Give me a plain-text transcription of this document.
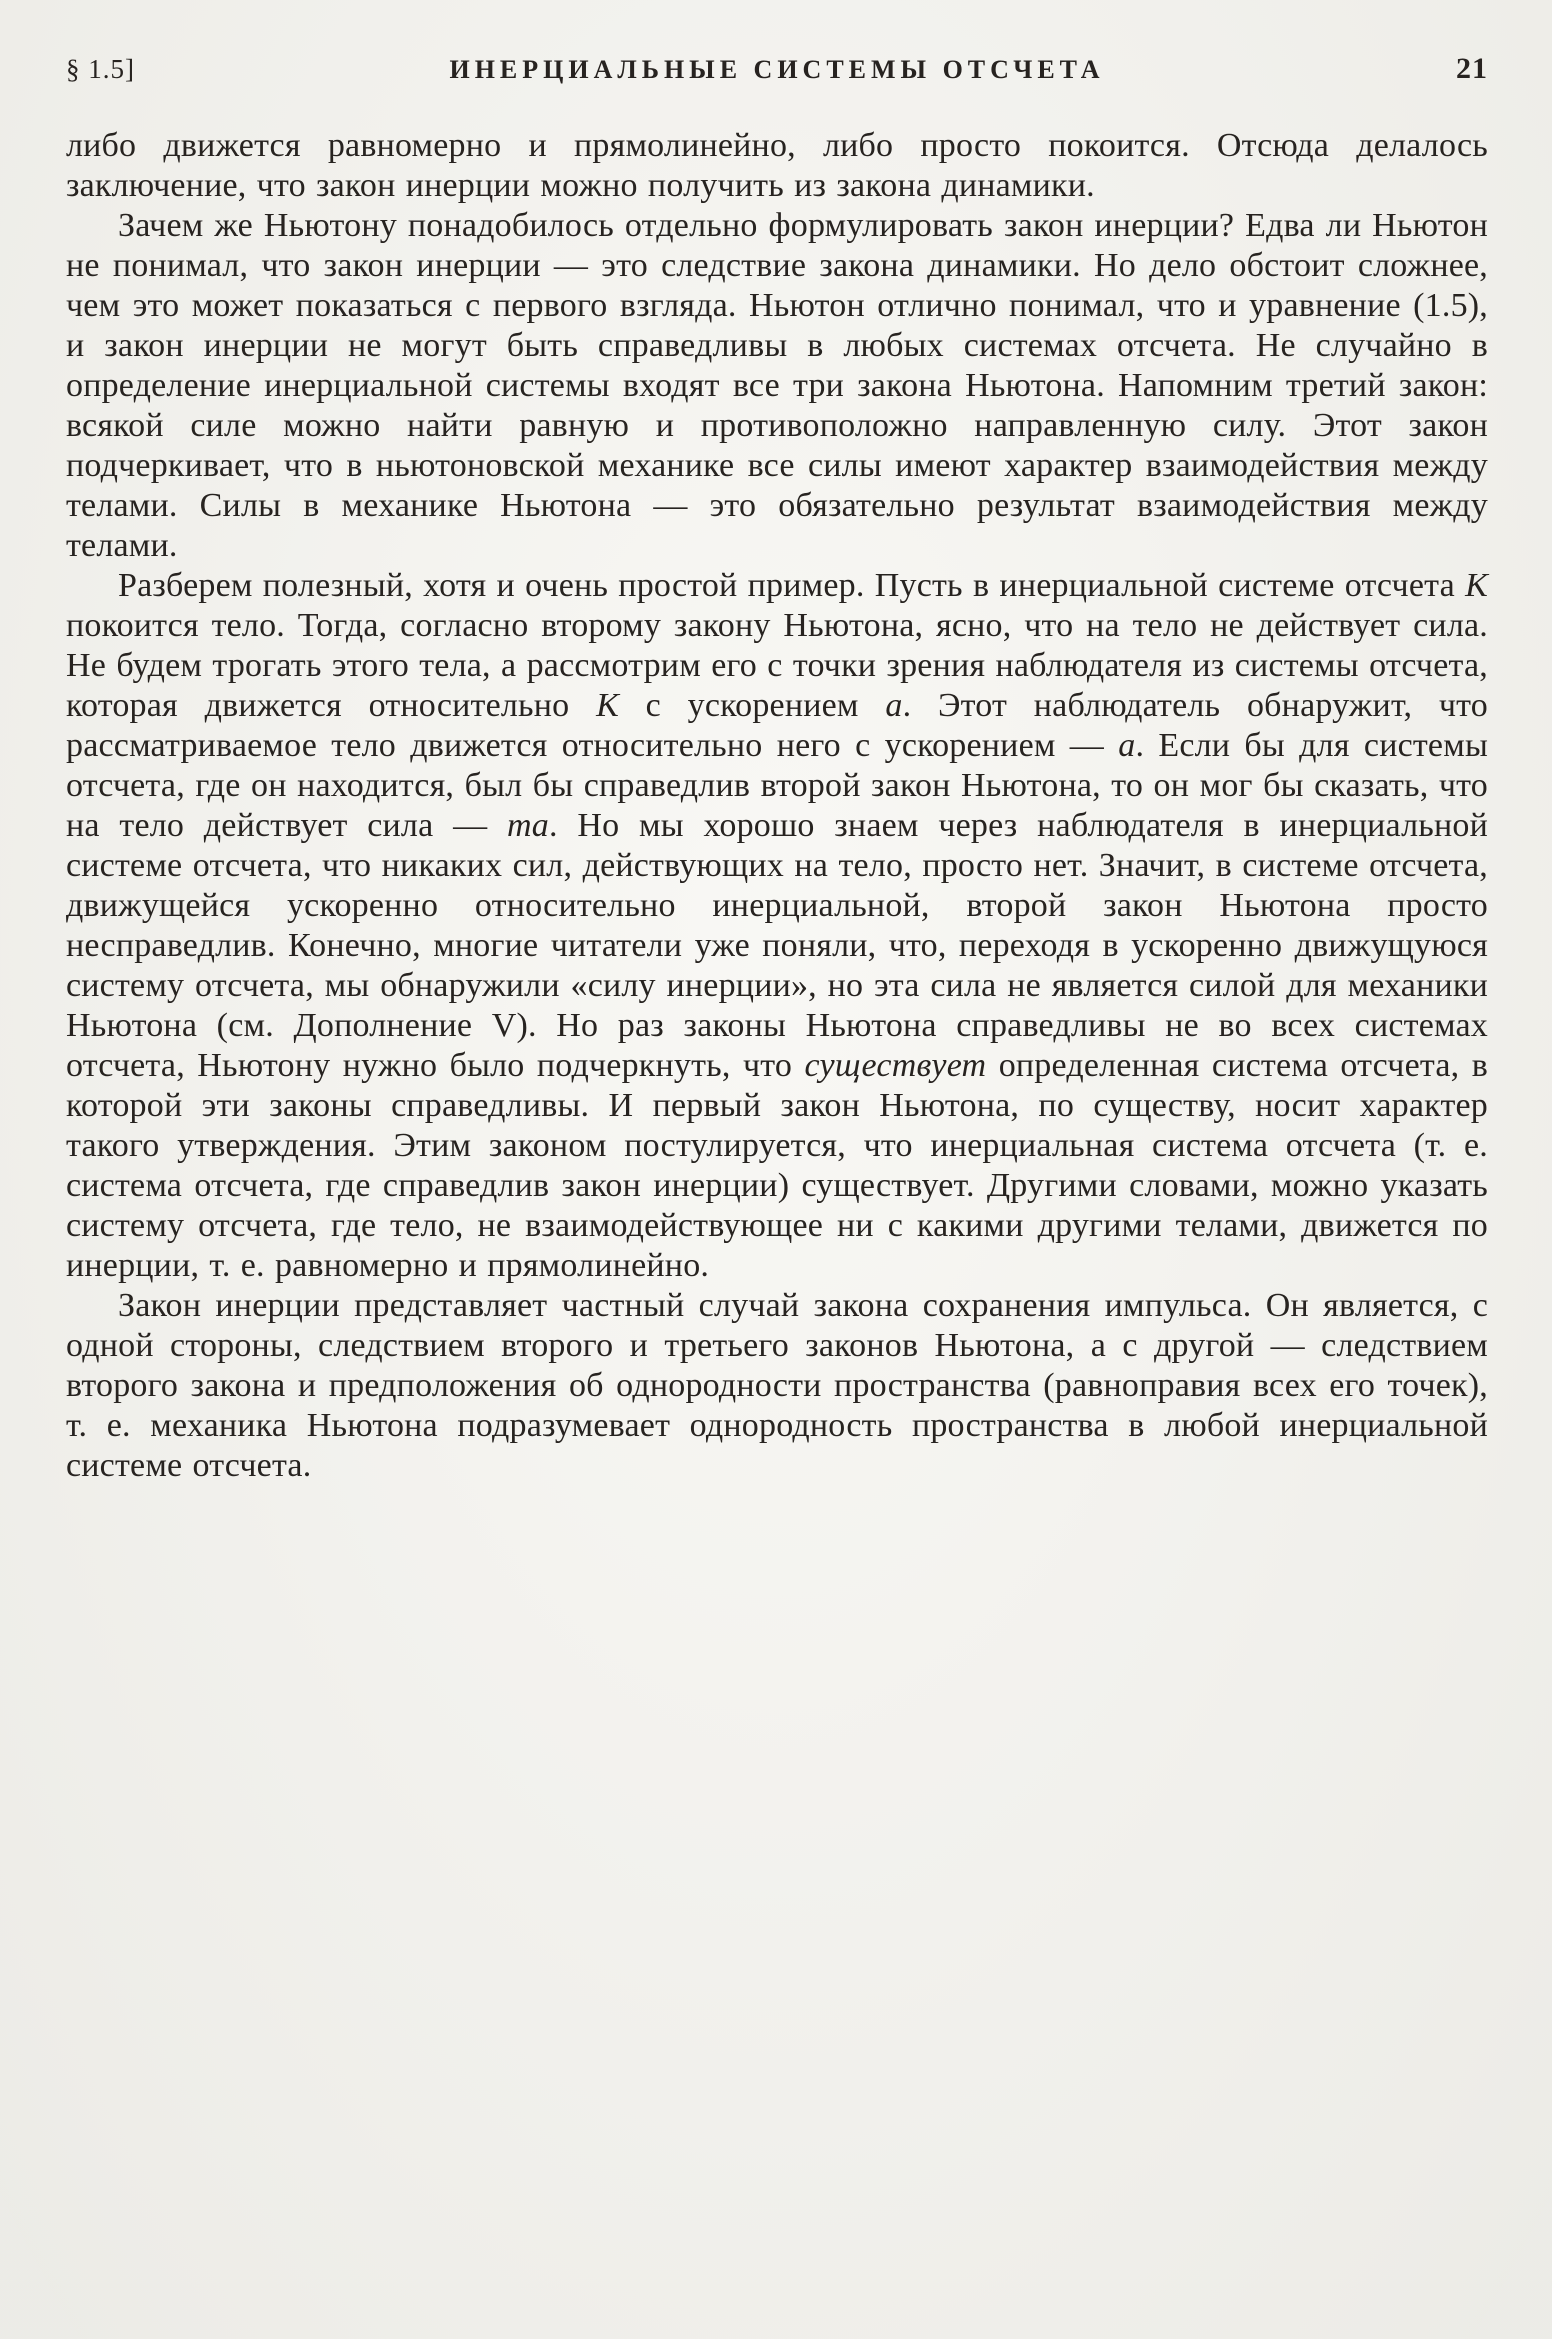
§ 1.5]	ИНЕРЦИАЛЬНЫЕ СИСТЕМЫ ОТСЧЕТА	21

либо движется равномерно и прямолинейно, либо просто покоится. Отсюда делалось заключение, что закон инерции можно получить из закона динамики.

Зачем же Ньютону понадобилось отдельно формулировать закон инерции? Едва ли Ньютон не понимал, что закон инерции — это следствие закона динамики. Но дело обстоит сложнее, чем это может показаться с первого взгляда. Ньютон отлично понимал, что и уравнение (1.5), и закон инерции не могут быть справедливы в любых системах отсчета. Не случайно в определение инерциальной системы входят все три закона Ньютона. Напомним третий закон: всякой силе можно найти равную и противоположно направленную силу. Этот закон подчеркивает, что в ньютоновской механике все силы имеют характер взаимодействия между телами. Силы в механике Ньютона — это обязательно результат взаимодействия между телами.

Разберем полезный, хотя и очень простой пример. Пусть в инерциальной системе отсчета K покоится тело. Тогда, согласно второму закону Ньютона, ясно, что на тело не действует сила. Не будем трогать этого тела, а рассмотрим его с точки зрения наблюдателя из системы отсчета, которая движется относительно K с ускорением a. Этот наблюдатель обнаружит, что рассматриваемое тело движется относительно него с ускорением — a. Если бы для системы отсчета, где он находится, был бы справедлив второй закон Ньютона, то он мог бы сказать, что на тело действует сила — ma. Но мы хорошо знаем через наблюдателя в инерциальной системе отсчета, что никаких сил, действующих на тело, просто нет. Значит, в системе отсчета, движущейся ускоренно относительно инерциальной, второй закон Ньютона просто несправедлив. Конечно, многие читатели уже поняли, что, переходя в ускоренно движущуюся систему отсчета, мы обнаружили «силу инерции», но эта сила не является силой для механики Ньютона (см. Дополнение V). Но раз законы Ньютона справедливы не во всех системах отсчета, Ньютону нужно было подчеркнуть, что существует определенная система отсчета, в которой эти законы справедливы. И первый закон Ньютона, по существу, носит характер такого утверждения. Этим законом постулируется, что инерциальная система отсчета (т. е. система отсчета, где справедлив закон инерции) существует. Другими словами, можно указать систему отсчета, где тело, не взаимодействующее ни с какими другими телами, движется по инерции, т. е. равномерно и прямолинейно.

Закон инерции представляет частный случай закона сохранения импульса. Он является, с одной стороны, следствием второго и третьего законов Ньютона, а с другой — следствием второго закона и предположения об однородности пространства (равноправия всех его точек), т. е. механика Ньютона подразумевает однородность пространства в любой инерциальной системе отсчета.
